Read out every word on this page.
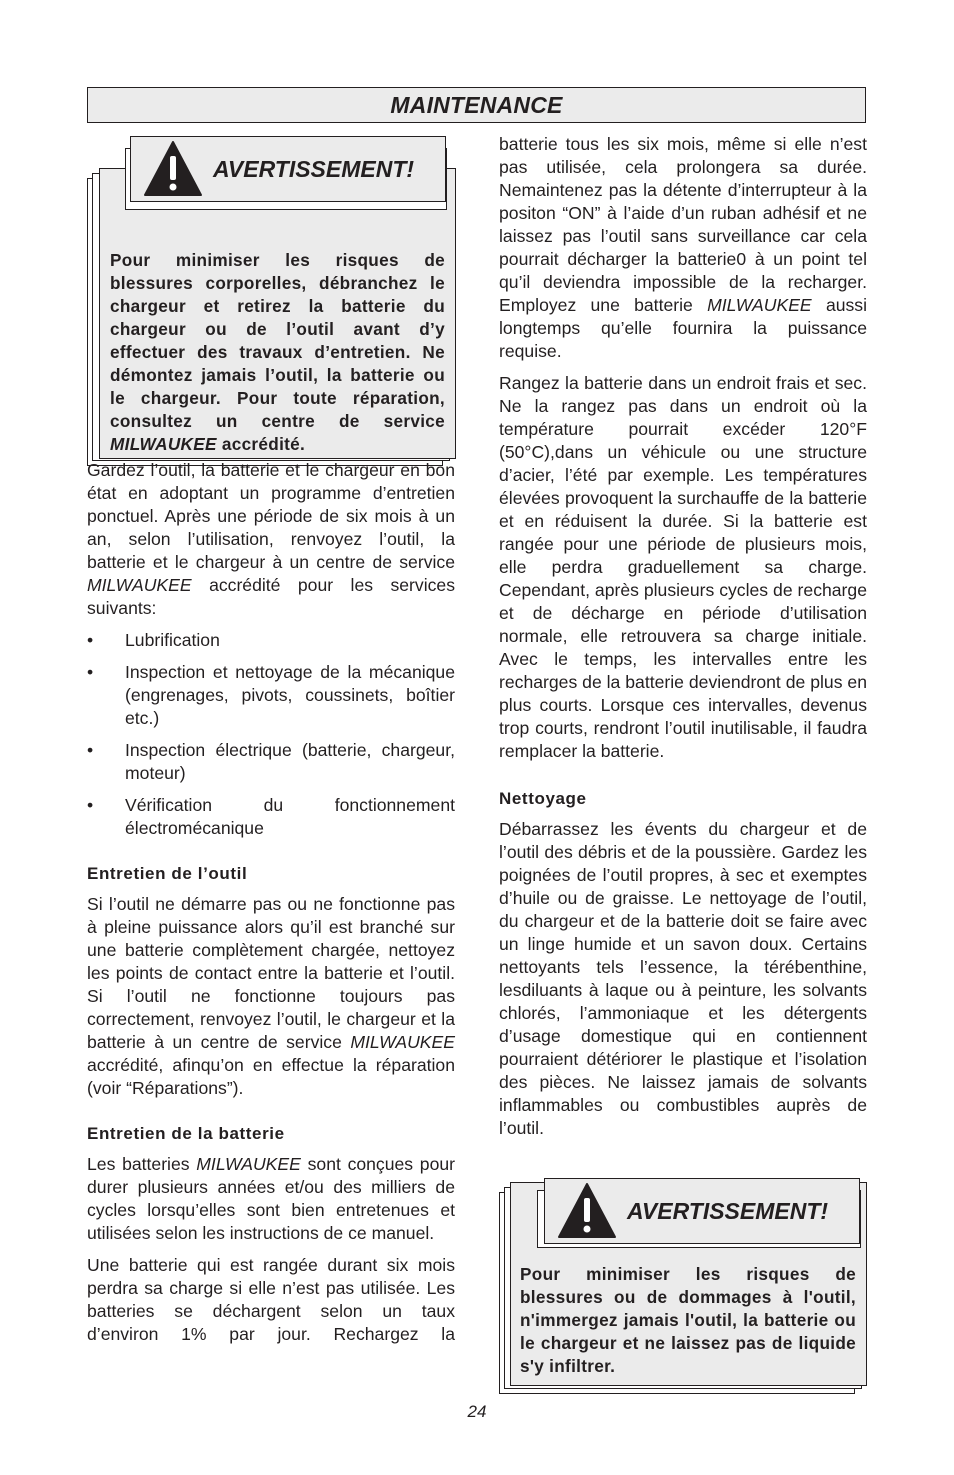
MAINTENANCE
Pour minimiser les risques de blessures corporelles, débranchez le chargeur et retirez la batterie du chargeur ou de l’outil avant d’y effectuer des travaux d’entretien. Ne démontez jamais l’outil, la batterie ou le chargeur. Pour toute réparation, consultez un centre de service MILWAUKEE accrédité.
AVERTISSEMENT!

Gardez l’outil, la batterie et le chargeur en bon état en adoptant un programme d’entretien ponctuel. Après une période de six mois à un an, selon l’utilisation, renvoyez l’outil, la batterie et le chargeur à un centre de service MILWAUKEE accrédité pour les services suivants:

• Lubrification
• Inspection et nettoyage de la mécanique (engrenages, pivots, coussinets, boîtier etc.)
• Inspection électrique (batterie, chargeur, moteur)
• Vérification du fonctionnement électromécanique
Entretien de l’outil

Si l’outil ne démarre pas ou ne fonctionne pas à pleine puissance alors qu’il est branché sur une batterie complètement chargée, nettoyez les points de contact entre la batterie et l’outil. Si l’outil ne fonctionne toujours pas correctement, renvoyez l’outil, le chargeur et la batterie à un centre de service MILWAUKEE accrédité, afinqu’on en effectue la réparation (voir “Réparations”).

Entretien de la batterie

Les batteries MILWAUKEE sont conçues pour durer plusieurs années et/ou des milliers de cycles lorsqu’elles sont bien entretenues et utilisées selon les instructions de ce manuel.

Une batterie qui est rangée durant six mois perdra sa charge si elle n’est pas utilisée. Les batteries se déchargent selon un taux d’environ 1% par jour. Rechargez la

batterie tous les six mois, même si elle n’est pas utilisée, cela prolongera sa durée. Nemaintenez pas la détente d’interrupteur à la positon “ON” à l’aide d’un ruban adhésif et ne laissez pas l’outil sans surveillance car cela pourrait décharger la batterie0 à un point tel qu’il deviendra impossible de la recharger. Employez une batterie MILWAUKEE aussi longtemps qu’elle fournira la puissance requise.

Rangez la batterie dans un endroit frais et sec. Ne la rangez pas dans un endroit où la température pourrait excéder 120°F (50°C),dans un véhicule ou une structure d’acier, l’été par exemple. Les températures élevées provoquent la surchauffe de la batterie et en réduisent la durée. Si la batterie est rangée pour une période de plusieurs mois, elle perdra graduellement sa charge. Cependant, après plusieurs cycles de recharge et de décharge en période d’utilisation normale, elle retrouvera sa charge initiale. Avec le temps, les intervalles entre les recharges de la batterie deviendront de plus en plus courts. Lorsque ces intervalles, devenus trop courts, rendront l’outil inutilisable, il faudra remplacer la batterie.

Nettoyage

Débarrassez les évents du chargeur et de l’outil des débris et de la poussière. Gardez les poignées de l’outil propres, à sec et exemptes d’huile ou de graisse. Le nettoyage de l’outil, du chargeur et de la batterie doit se faire avec un linge humide et un savon doux. Certains nettoyants tels l’essence, la térébenthine, lesdiluants à laque ou à peinture, les solvants chlorés, l’ammoniaque et les détergents d’usage domestique qui en contiennent pourraient détériorer le plastique et l’isolation des pièces. Ne laissez jamais de solvants inflammables ou combustibles auprès de l’outil.

Pour minimiser les risques de blessures ou de dommages à l'outil, n'immergez jamais l'outil, la batterie ou le chargeur et ne laissez pas de liquide s'y infiltrer.
AVERTISSEMENT!
24
